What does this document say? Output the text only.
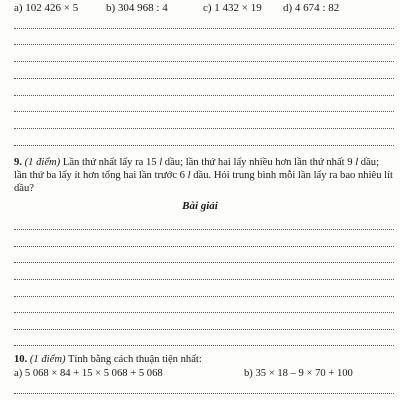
a) 102 426 × 5	b) 304 968 : 4	c) 1 432 × 19 d) 4 674 : 82
9. (1 điểm) Lần thứ nhất lấy ra 15 l dầu; lần thứ hai lấy nhiều hơn lần thứ nhất 9 l dầu; lần thứ ba lấy ít hơn tổng hai lần trước 6 l dầu. Hỏi trung bình mỗi lần lấy ra bao nhiêu lít dầu?
Bài giải
10. (1 điểm) Tính bằng cách thuận tiện nhất:
a) 5 068 × 84 + 15 × 5 068 + 5 068	b) 35 × 18 – 9 × 70 + 100
